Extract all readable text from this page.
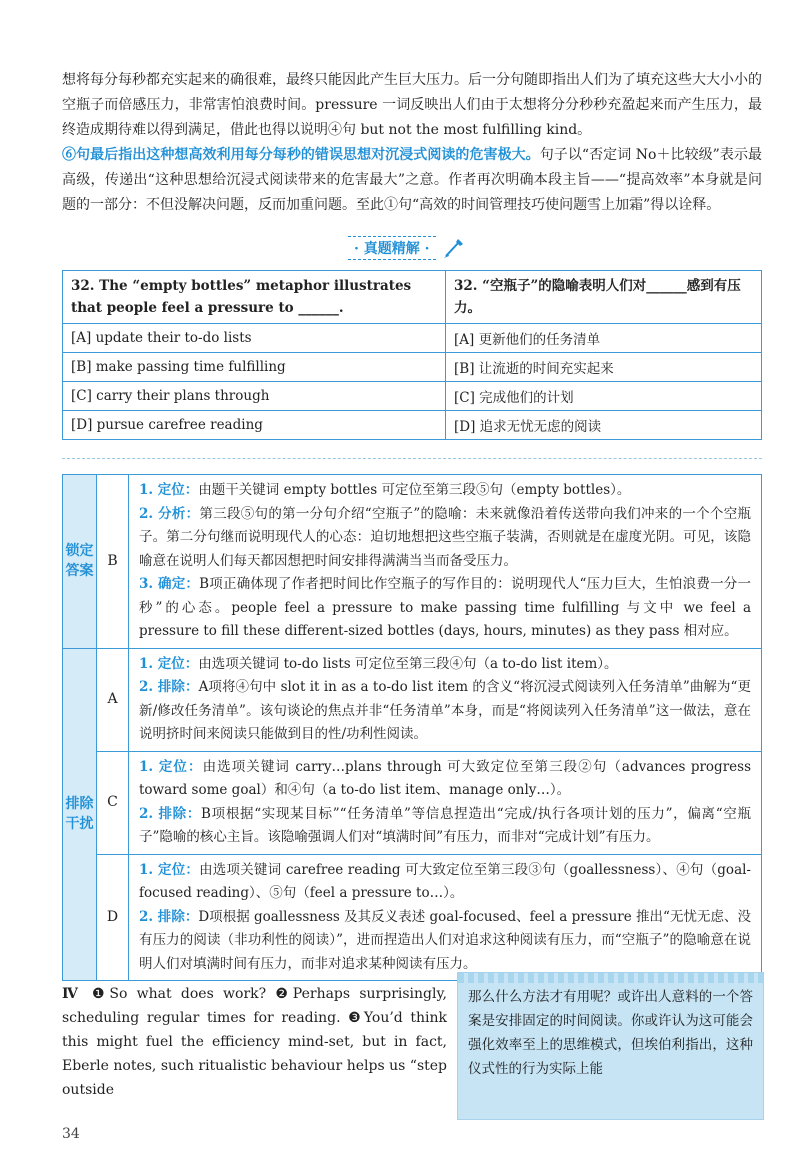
想将每分每秒都充实起来的确很难，最终只能因此产生巨大压力。后一分句随即指出人们为了填充这些大大小小的空瓶子而倍感压力，非常害怕浪费时间。pressure 一词反映出人们由于太想将分分秒秒充盈起来而产生压力，最终造成期待难以得到满足，借此也得以说明④句 but not the most fulfilling kind。

⑥句最后指出这种想高效利用每分每秒的错误思想对沉浸式阅读的危害极大。句子以“否定词 No＋比较级”表示最高级，传递出“这种思想给沉浸式阅读带来的危害最大”之意。作者再次明确本段主旨——“提高效率”本身就是问题的一部分：不但没解决问题，反而加重问题。至此①句“高效的时间管理技巧使问题雪上加霜”得以诠释。

· 真题精解 ·
32. The “empty bottles” metaphor illustrates that people feel a pressure to ______.	32. “空瓶子”的隐喻表明人们对______感到有压力。
[A] update their to-do lists	[A] 更新他们的任务清单
[B] make passing time fulfilling	[B] 让流逝的时间充实起来
[C] carry their plans through	[C] 完成他们的计划
[D] pursue carefree reading	[D] 追求无忧无虑的阅读
锁定答案	B	1. 定位：由题干关键词 empty bottles 可定位至第三段⑤句（empty bottles）。

2. 分析：第三段⑤句的第一分句介绍“空瓶子”的隐喻：未来就像沿着传送带向我们冲来的一个个空瓶子。第二分句继而说明现代人的心态：迫切地想把这些空瓶子装满，否则就是在虚度光阴。可见，该隐喻意在说明人们每天都因想把时间安排得满满当当而备受压力。

3. 确定：B项正确体现了作者把时间比作空瓶子的写作目的：说明现代人“压力巨大，生怕浪费一分一秒”的心态。people feel a pressure to make passing time fulfilling 与文中 we feel a pressure to fill these different-sized bottles (days, hours, minutes) as they pass 相对应。

排除干扰	A	1. 定位：由选项关键词 to-do lists 可定位至第三段④句（a to-do list item）。

2. 排除：A项将④句中 slot it in as a to-do list item 的含义“将沉浸式阅读列入任务清单”曲解为“更新/修改任务清单”。该句谈论的焦点并非“任务清单”本身，而是“将阅读列入任务清单”这一做法，意在说明挤时间来阅读只能做到目的性/功利性阅读。

	C	1. 定位：由选项关键词 carry…plans through 可大致定位至第三段②句（advances progress toward some goal）和④句（a to-do list item、manage only…）。

2. 排除：B项根据“实现某目标”“任务清单”等信息捏造出“完成/执行各项计划的压力”，偏离“空瓶子”隐喻的核心主旨。该隐喻强调人们对“填满时间”有压力，而非对“完成计划”有压力。

	D	1. 定位：由选项关键词 carefree reading 可大致定位至第三段③句（goallessness）、④句（goal-focused reading）、⑤句（feel a pressure to…）。

2. 排除：D项根据 goallessness 及其反义表述 goal-focused、feel a pressure 推出“无忧无虑、没有压力的阅读（非功利性的阅读）”，进而捏造出人们对追求这种阅读有压力，而“空瓶子”的隐喻意在说明人们对填满时间有压力，而非对追求某种阅读有压力。

Ⅳ ❶So what does work? ❷Perhaps surprisingly, scheduling regular times for reading. ❸You’d think this might fuel the efficiency mind-set, but in fact, Eberle notes, such ritualistic behaviour helps us “step outside

那么什么方法才有用呢？或许出人意料的一个答案是安排固定的时间阅读。你或许认为这可能会强化效率至上的思维模式，但埃伯利指出，这种仪式性的行为实际上能

34
